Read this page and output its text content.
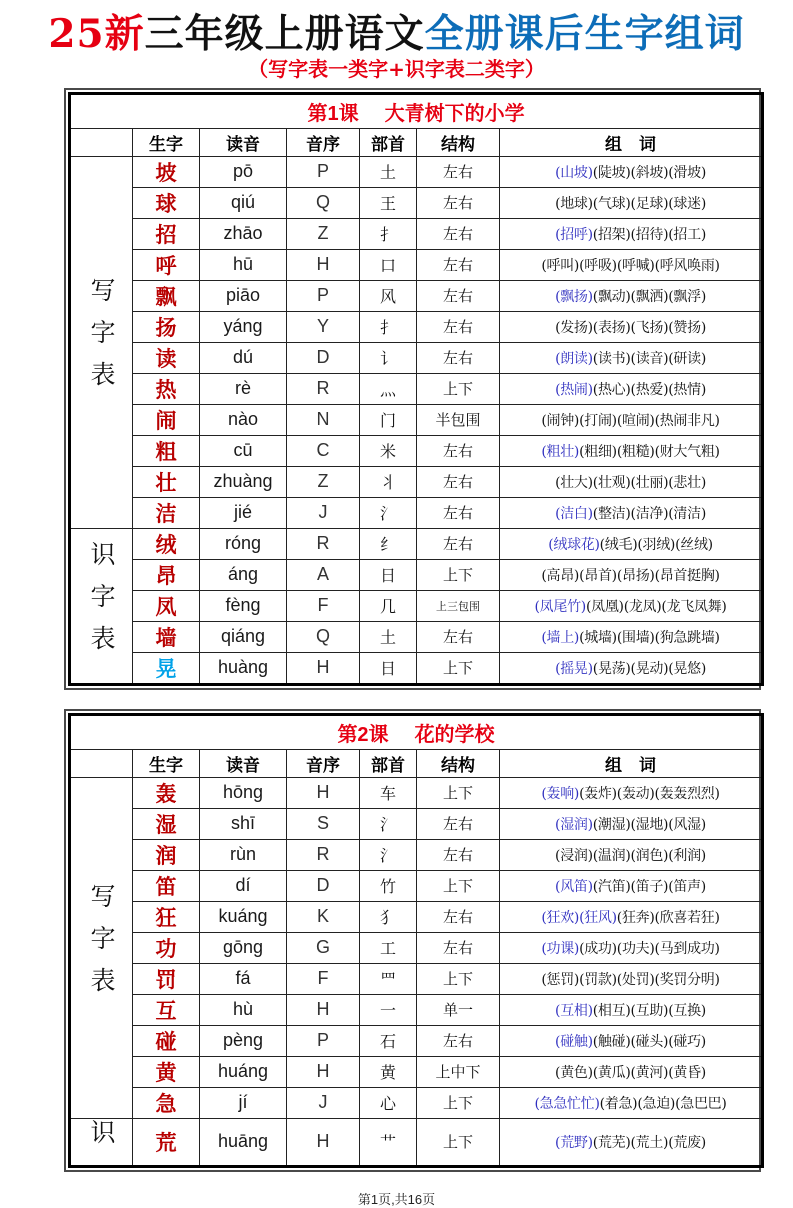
25新三年级上册语文全册课后生字组词
（写字表一类字+识字表二类字）
第1课 大青树下的小学						
	生字	读音	音序	部首	结构	组　词
写字表	坡	pō	P	土	左右	(山坡)(陡坡)(斜坡)(滑坡)
	球	qiú	Q	王	左右	(地球)(气球)(足球)(球迷)
	招	zhāo	Z	扌	左右	(招呼)(招架)(招待)(招工)
	呼	hū	H	口	左右	(呼叫)(呼吸)(呼喊)(呼风唤雨)
	飘	piāo	P	风	左右	(飘扬)(飘动)(飘洒)(飘浮)
	扬	yáng	Y	扌	左右	(发扬)(表扬)(飞扬)(赞扬)
	读	dú	D	讠	左右	(朗读)(读书)(读音)(研读)
	热	rè	R	灬	上下	(热闹)(热心)(热爱)(热情)
	闹	nào	N	门	半包围	(闹钟)(打闹)(喧闹)(热闹非凡)
	粗	cū	C	米	左右	(粗壮)(粗细)(粗糙)(财大气粗)
	壮	zhuàng	Z	丬	左右	(壮大)(壮观)(壮丽)(悲壮)
	洁	jié	J	氵	左右	(洁白)(整洁)(洁净)(清洁)
识字表	绒	róng	R	纟	左右	(绒球花)(绒毛)(羽绒)(丝绒)
	昂	áng	A	日	上下	(高昂)(昂首)(昂扬)(昂首挺胸)
	凤	fèng	F	几	上三包围	(凤尾竹)(凤凰)(龙凤)(龙飞凤舞)
	墙	qiáng	Q	土	左右	(墙上)(城墙)(围墙)(狗急跳墙)
	晃	huàng	H	日	上下	(摇晃)(晃荡)(晃动)(晃悠)
第2课 花的学校						
	生字	读音	音序	部首	结构	组　词
写字表	轰	hōng	H	车	上下	(轰响)(轰炸)(轰动)(轰轰烈烈)
	湿	shī	S	氵	左右	(湿润)(潮湿)(湿地)(风湿)
	润	rùn	R	氵	左右	(浸润)(温润)(润色)(利润)
	笛	dí	D	竹	上下	(风笛)(汽笛)(笛子)(笛声)
	狂	kuáng	K	犭	左右	(狂欢)(狂风)(狂奔)(欣喜若狂)
	功	gōng	G	工	左右	(功课)(成功)(功夫)(马到成功)
	罚	fá	F	罒	上下	(惩罚)(罚款)(处罚)(奖罚分明)
	互	hù	H	一	单一	(互相)(相互)(互助)(互换)
	碰	pèng	P	石	左右	(碰触)(触碰)(碰头)(碰巧)
	黄	huáng	H	黄	上中下	(黄色)(黄瓜)(黄河)(黄昏)
	急	jí	J	心	上下	(急急忙忙)(着急)(急迫)(急巴巴)
识	荒	huāng	H	艹	上下	(荒野)(荒芜)(荒土)(荒废)
第1页,共16页
